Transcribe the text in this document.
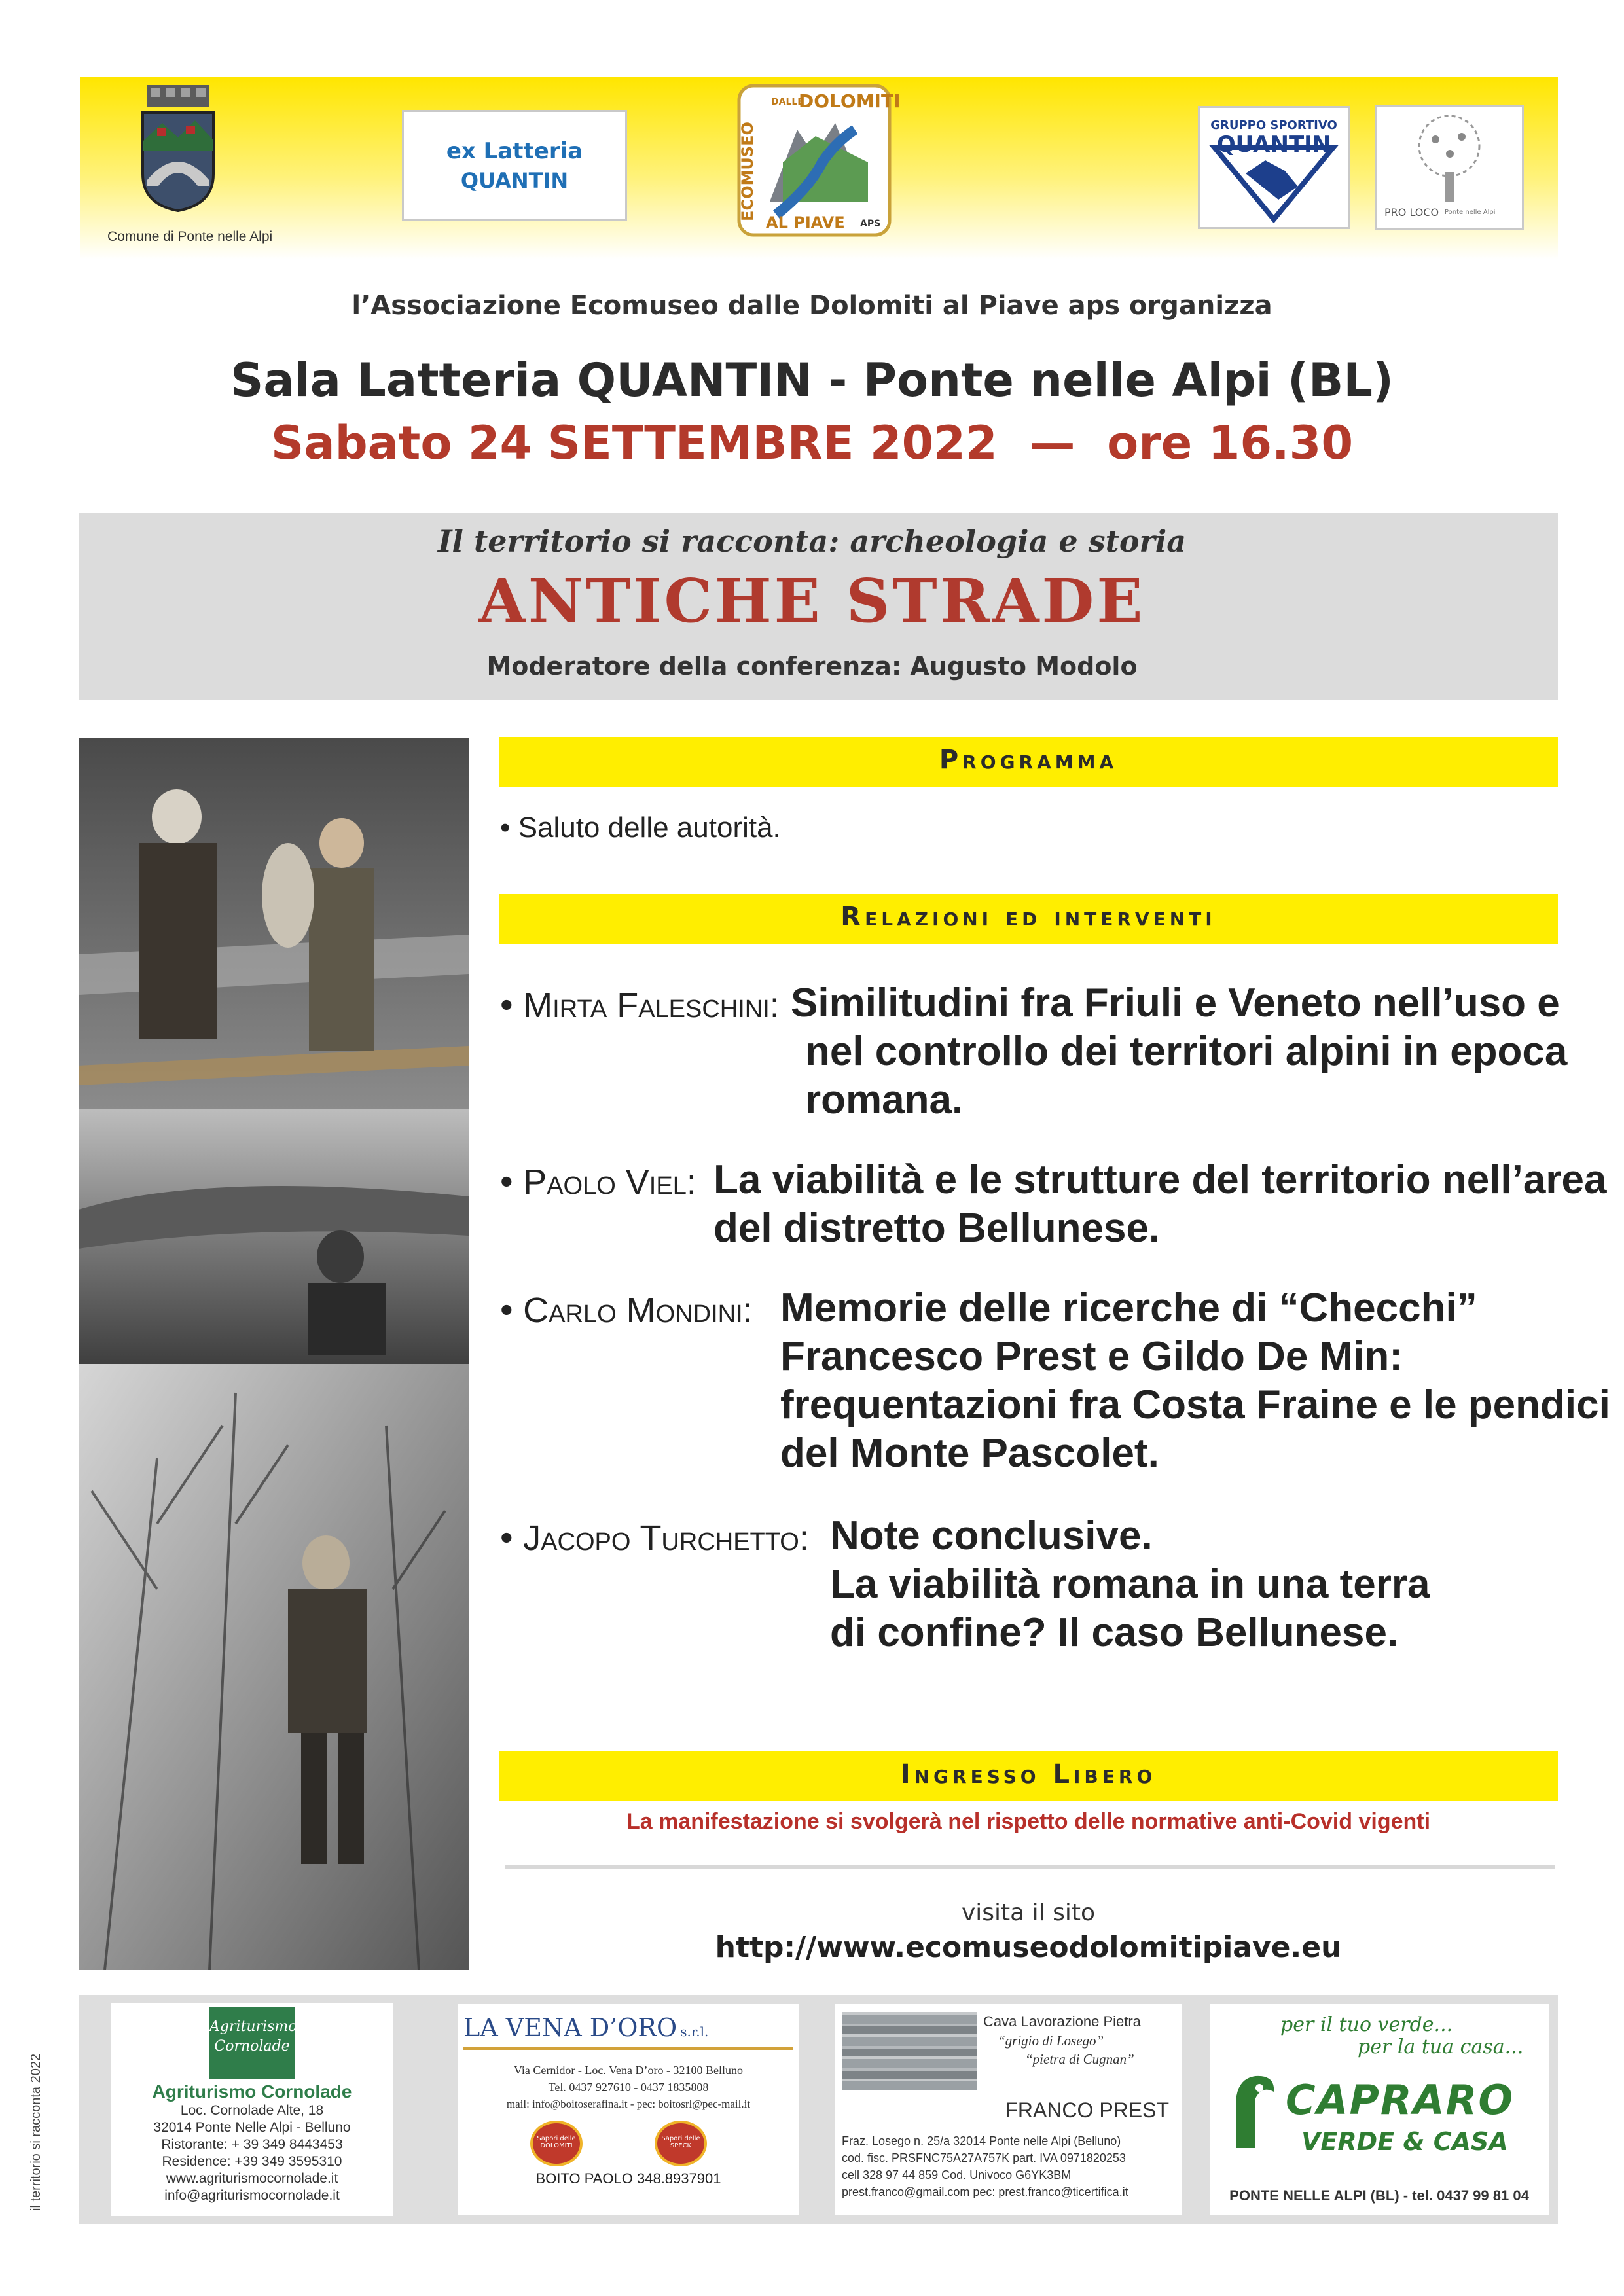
Comune di Ponte nelle Alpi
ex Latteria
QUANTIN
DALLE
DOLOMITI
ECOMUSEO
AL PIAVE APS
GRUPPO SPORTIVO
QUANTIN
PRO LOCO Ponte nelle Alpi
l’Associazione Ecomuseo dalle Dolomiti al Piave aps organizza
Sala Latteria QUANTIN - Ponte nelle Alpi (BL)
Sabato 24 SETTEMBRE 2022  —  ore 16.30
Il territorio si racconta: archeologia e storia
ANTICHE STRADE
Moderatore della conferenza: Augusto Modolo
Programma
• Saluto delle autorità.
Relazioni ed interventi
• Mirta Faleschini: Similitudini fra Friuli e Veneto nell’uso e
nel controllo dei territori alpini in epoca
romana.
• Paolo Viel: La viabilità e le strutture del territorio nell’area
del distretto Bellunese.
• Carlo Mondini: Memorie delle ricerche di “Checchi”
Francesco Prest e Gildo De Min:
frequentazioni fra Costa Fraine e le pendici
del Monte Pascolet.
• Jacopo Turchetto: Note conclusive.
La viabilità romana in una terra
di confine? Il caso Bellunese.
Ingresso Libero
La manifestazione si svolgerà nel rispetto delle normative anti-Covid vigenti
visita il sito
http://www.ecomuseodolomitipiave.eu
il territorio si racconta 2022
Agriturismo
Cornolade
Agriturismo Cornolade
Loc. Cornolade Alte, 18
32014 Ponte Nelle Alpi - Belluno
Ristorante: + 39 349 8443453
Residence: +39 349 3595310
www.agriturismocornolade.it
info@agriturismocornolade.it
LA VENA D’ORO s.r.l.
Via Cernidor - Loc. Vena D’oro - 32100 Belluno
Tel. 0437 927610 - 0437 1835808
mail: info@boitoserafina.it - pec: boitosrl@pec-mail.it
Sapori delle DOLOMITI
Sapori delle SPECK
BOITO PAOLO 348.8937901
Cava Lavorazione Pietra
“grigio di Losego”
“pietra di Cugnan”
FRANCO PREST
Fraz. Losego n. 25/a 32014 Ponte nelle Alpi (Belluno)
cod. fisc. PRSFNC75A27A757K part. IVA 0971820253
cell 328 97 44 859 Cod. Univoco G6YK3BM
prest.franco@gmail.com pec: prest.franco@ticertifica.it
per il tuo verde...
per la tua casa...
CAPRARO
VERDE & CASA
PONTE NELLE ALPI (BL) - tel. 0437 99 81 04
